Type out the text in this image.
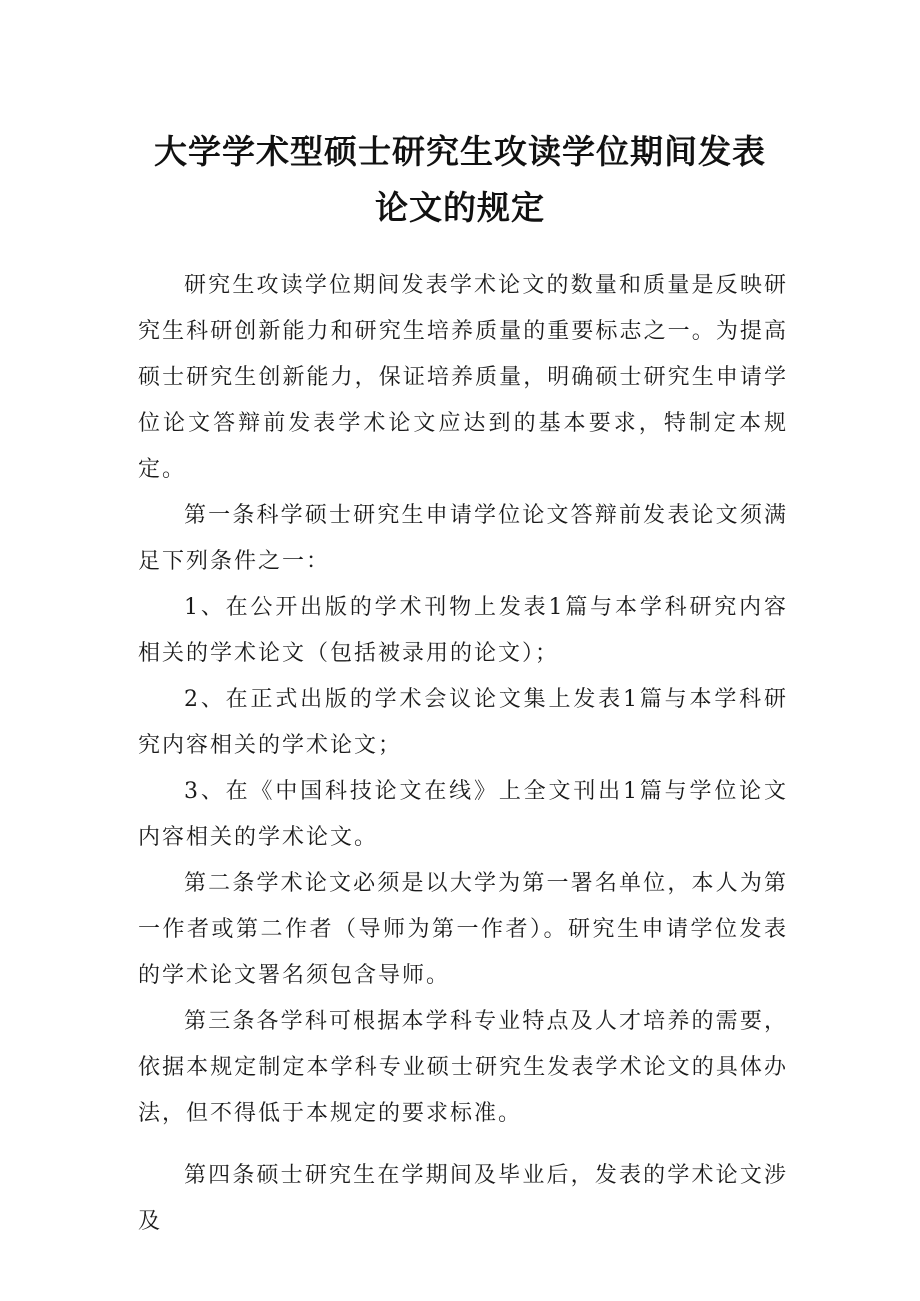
大学学术型硕士研究生攻读学位期间发表
论文的规定

研究生攻读学位期间发表学术论文的数量和质量是反映研究生科研创新能力和研究生培养质量的重要标志之一。为提高硕士研究生创新能力，保证培养质量，明确硕士研究生申请学位论文答辩前发表学术论文应达到的基本要求，特制定本规定。

第一条科学硕士研究生申请学位论文答辩前发表论文须满足下列条件之一：

1、在公开出版的学术刊物上发表1篇与本学科研究内容相关的学术论文（包括被录用的论文）；

2、在正式出版的学术会议论文集上发表1篇与本学科研究内容相关的学术论文；

3、在《中国科技论文在线》上全文刊出1篇与学位论文内容相关的学术论文。

第二条学术论文必须是以大学为第一署名单位，本人为第一作者或第二作者（导师为第一作者）。研究生申请学位发表的学术论文署名须包含导师。

第三条各学科可根据本学科专业特点及人才培养的需要，依据本规定制定本学科专业硕士研究生发表学术论文的具体办法，但不得低于本规定的要求标准。

第四条硕士研究生在学期间及毕业后，发表的学术论文涉及
